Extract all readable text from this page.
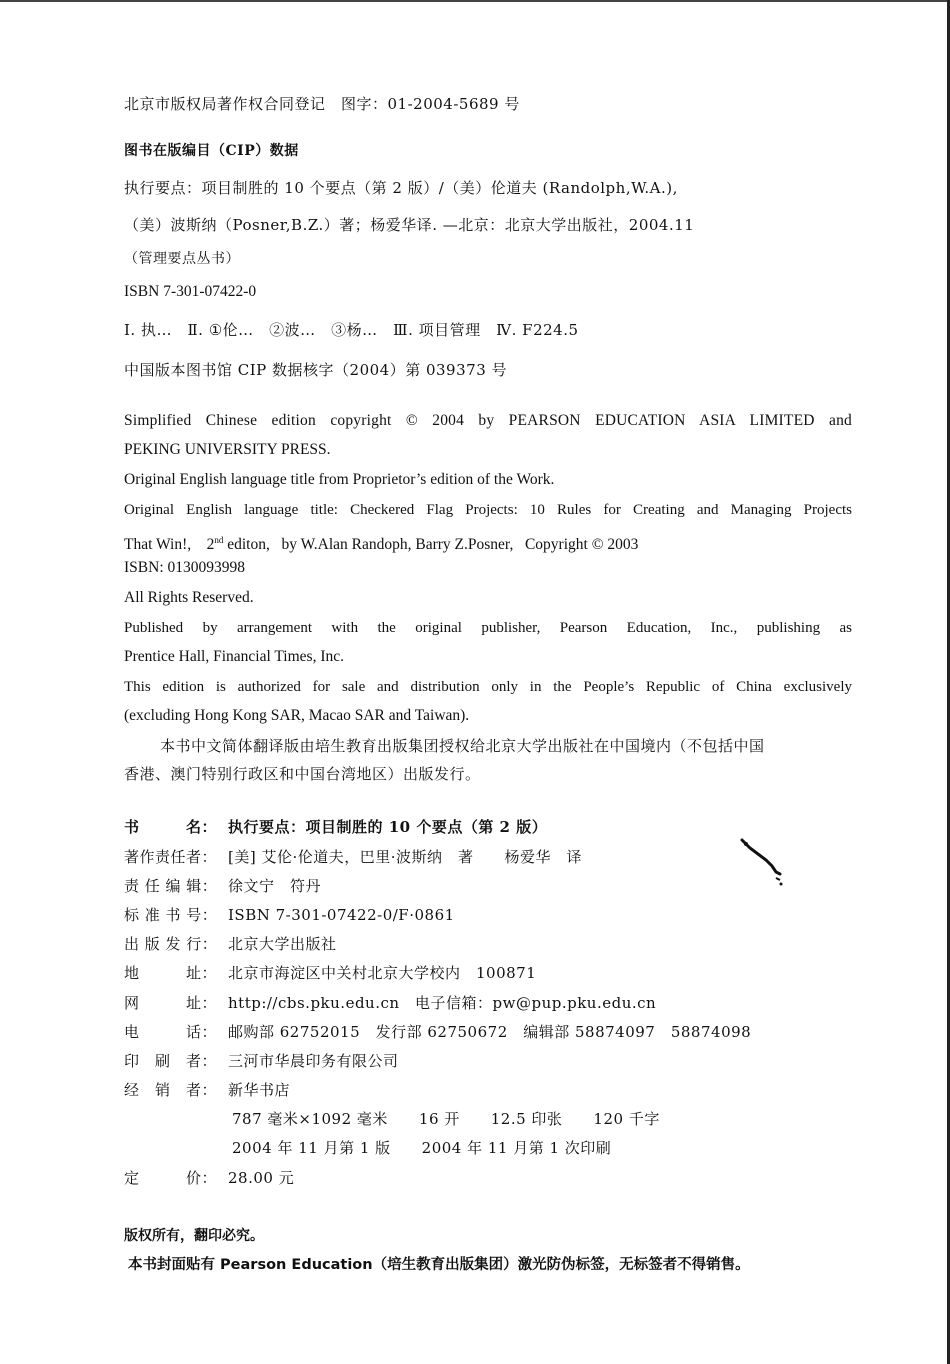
北京市版权局著作权合同登记　图字：01-2004-5689 号
图书在版编目（CIP）数据
执行要点：项目制胜的 10 个要点（第 2 版）/（美）伦道夫 (Randolph,W.A.),
（美）波斯纳（Posner,B.Z.）著；杨爱华译. —北京：北京大学出版社，2004.11
（管理要点丛书）
ISBN 7-301-07422-0
Ⅰ. 执…　Ⅱ. ①伦…　②波…　③杨…　Ⅲ. 项目管理　Ⅳ. F224.5
中国版本图书馆 CIP 数据核字（2004）第 039373 号
Simplified Chinese edition copyright © 2004 by PEARSON EDUCATION ASIA LIMITED and
PEKING UNIVERSITY PRESS.
Original English language title from Proprietor’s edition of the Work.
Original English language title: Checkered Flag Projects: 10 Rules for Creating and Managing Projects
That Win!, 2nd editon, by W.Alan Randoph, Barry Z.Posner, Copyright © 2003
ISBN: 0130093998
All Rights Reserved.
Published by arrangement with the original publisher, Pearson Education, Inc., publishing as
Prentice Hall, Financial Times, Inc.
This edition is authorized for sale and distribution only in the People’s Republic of China exclusively
(excluding Hong Kong SAR, Macao SAR and Taiwan).
本书中文简体翻译版由培生教育出版集团授权给北京大学出版社在中国境内（不包括中国
香港、澳门特别行政区和中国台湾地区）出版发行。
书　　　名： 执行要点：项目制胜的 10 个要点（第 2 版）
著作责任者： [美] 艾伦·伦道夫，巴里·波斯纳　著　　杨爱华　译
责 任 编 辑： 徐文宁　符丹
标 准 书 号： ISBN 7-301-07422-0/F·0861
出 版 发 行： 北京大学出版社
地　　　址： 北京市海淀区中关村北京大学校内　100871
网　　　址： http://cbs.pku.edu.cn　电子信箱：pw@pup.pku.edu.cn
电　　　话： 邮购部 62752015　发行部 62750672　编辑部 58874097　58874098
印　刷　者： 三河市华晨印务有限公司
经　销　者： 新华书店
787 毫米×1092 毫米　　16 开　　12.5 印张　　120 千字
2004 年 11 月第 1 版　　2004 年 11 月第 1 次印刷
定　　　价： 28.00 元
版权所有，翻印必究。
本书封面贴有 Pearson Education（培生教育出版集团）激光防伪标签，无标签者不得销售。
